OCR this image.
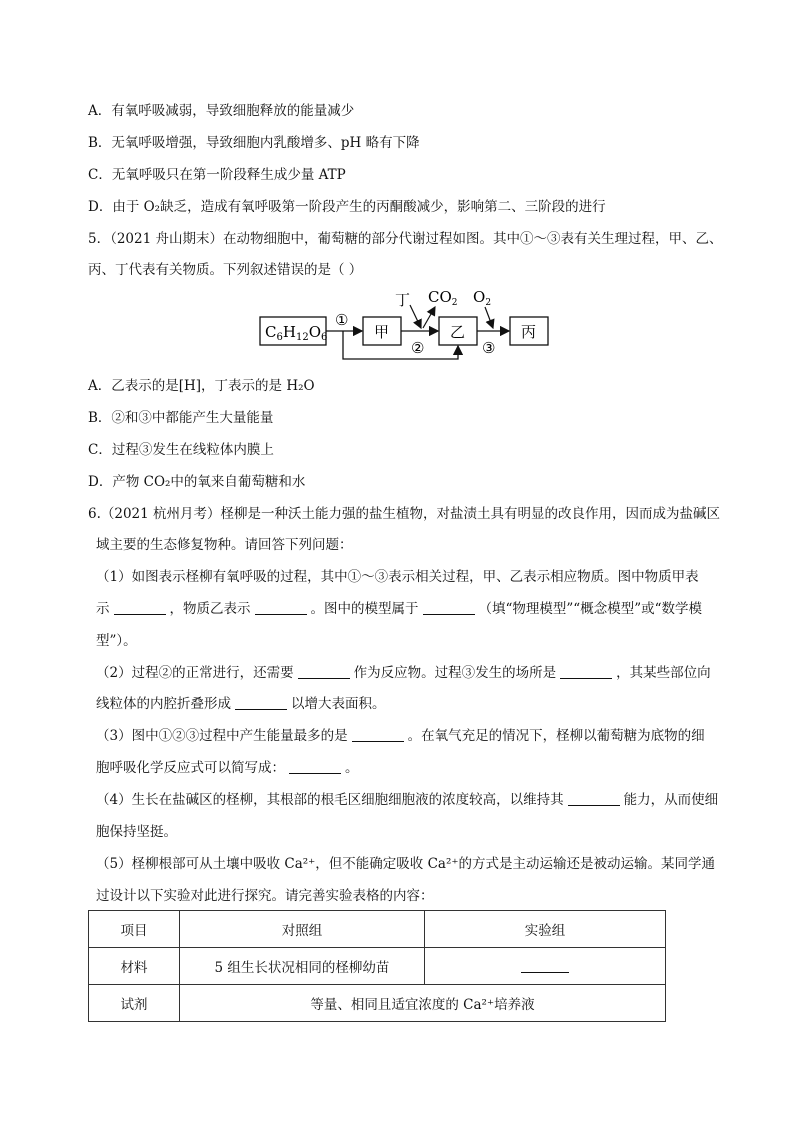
A．有氧呼吸减弱，导致细胞释放的能量减少
B．无氧呼吸增强，导致细胞内乳酸增多、pH 略有下降
C．无氧呼吸只在第一阶段释生成少量 ATP
D．由于 O₂缺乏，造成有氧呼吸第一阶段产生的丙酮酸减少，影响第二、三阶段的进行
5．（2021 舟山期末）在动物细胞中，葡萄糖的部分代谢过程如图。其中①～③表有关生理过程，甲、乙、
丙、丁代表有关物质。下列叙述错误的是（ ）
$C_6H_{12}O_6$	甲	乙	丙
丁 $CO_2$ $O_2$
①
②	③
A．乙表示的是[H]，丁表示的是 H₂O
B．②和③中都能产生大量能量
C．过程③发生在线粒体内膜上
D．产物 CO₂中的氧来自葡萄糖和水
6.（2021 杭州月考）柽柳是一种沃土能力强的盐生植物，对盐渍土具有明显的改良作用，因而成为盐碱区
域主要的生态修复物种。请回答下列问题：
（1）如图表示柽柳有氧呼吸的过程，其中①～③表示相关过程，甲、乙表示相应物质。图中物质甲表
示	，物质乙表示	。图中的模型属于	（填“物理模型”“概念模型”或“数学模
型”）。
（2）过程②的正常进行，还需要	作为反应物。过程③发生的场所是	，其某些部位向
线粒体的内腔折叠形成	以增大表面积。
（3）图中①②③过程中产生能量最多的是	。在氧气充足的情况下，柽柳以葡萄糖为底物的细
胞呼吸化学反应式可以简写成：	。
（4）生长在盐碱区的柽柳，其根部的根毛区细胞细胞液的浓度较高，以维持其	能力，从而使细
胞保持坚挺。
（5）柽柳根部可从土壤中吸收 Ca²⁺，但不能确定吸收 Ca²⁺的方式是主动运输还是被动运输。某同学通
过设计以下实验对此进行探究。请完善实验表格的内容：
项目	对照组	实验组
材料	5 组生长状况相同的柽柳幼苗	
试剂	等量、相同且适宜浓度的 Ca²⁺培养液	
